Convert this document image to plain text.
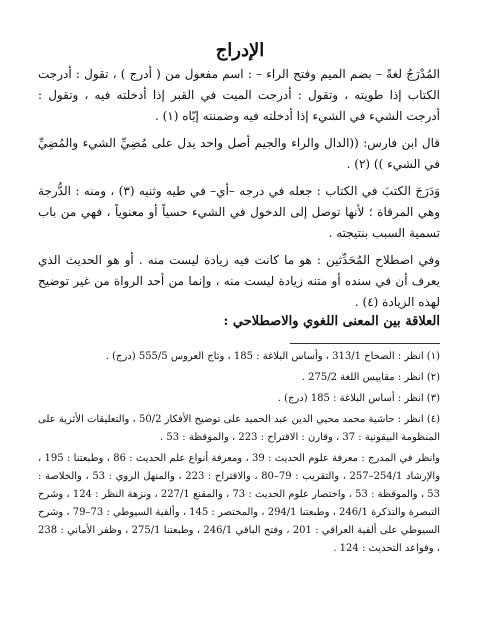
الإدراج

المُدْرَجُ لغةً – بضم الميم وفتح الراء – : اسم مفعول من ( أدرج ) ، تقول : أدرجت الكتاب إذا طويته ، وتقول : أدرجت الميت في القبر إذا أدخلته فيه ، وتقول : أدرجت الشيء في الشيء إذا أدخلته فيه وضمنته إيّاه (١) .

قال ابن فارس: ((الدال والراء والجيم أصل واحد يدل على مُضِيِّ الشيء والمُضِيِّ في الشيء )) (٢) .

وَدَرَجَ الكتبَ في الكتاب : جعله في درجه –أي– في طيه وثنيه (٣) ، ومنه : الدُّرجة وهي المرقاة ؛ لأنها توصل إلى الدخول في الشيء حسياً أو معنوياً ، فهي من باب تسمية السبب بنتيجته .

وفي اصطلاح المُحَدِّثين : هو ما كانت فيه زيادة ليست منه . أو هو الحديث الذي يعرف أن في سنده أو متنه زيادة ليست منه ، وإنما من أحد الرواة من غير توضيح لهذه الزيادة (٤) .

العلاقة بين المعنى اللغوي والاصطلاحي :

(١) انظر : الصحاح 313/1 ، وأساس البلاغة : 185 ، وتاج العروس 555/5 (درج) .

(٢) انظر : مقاييس اللغة 275/2 .

(٣) انظر : أساس البلاغة : 185 (درج) .

(٤) انظر : حاشية محمد محيي الدين عبد الحميد على توضيح الأفكار 50/2 ، والتعليقات الأثرية على المنظومة البيقونية : 37 ، وقارن : الاقتراح : 223 ، والموقظة : 53 .

وانظر في المدرج : معرفة علوم الحديث : 39 ، ومعرفة أنواع علم الحديث : 86 ، وطبعتنا : 195 ، والإرشاد 254/1–257 ، والتقريب : 79–80 ، والاقتراح : 223 ، والمنهل الروي : 53 ، والخلاصة : 53 ، والموقظة : 53 ، واختصار علوم الحديث : 73 ، والمقنع 227/1 ، ونزهة النظر : 124 ، وشرح التبصرة والتذكرة 246/1 ، وطبعتنا 294/1 ، والمختصر : 145 ، وألفية السيوطي : 73–79 ، وشرح السيوطي على ألفية العراقي : 201 ، وفتح الباقي 246/1 ، وطبعتنا 275/1 ، وظفر الأماني : 238 ، وقواعد التحديث : 124 .
